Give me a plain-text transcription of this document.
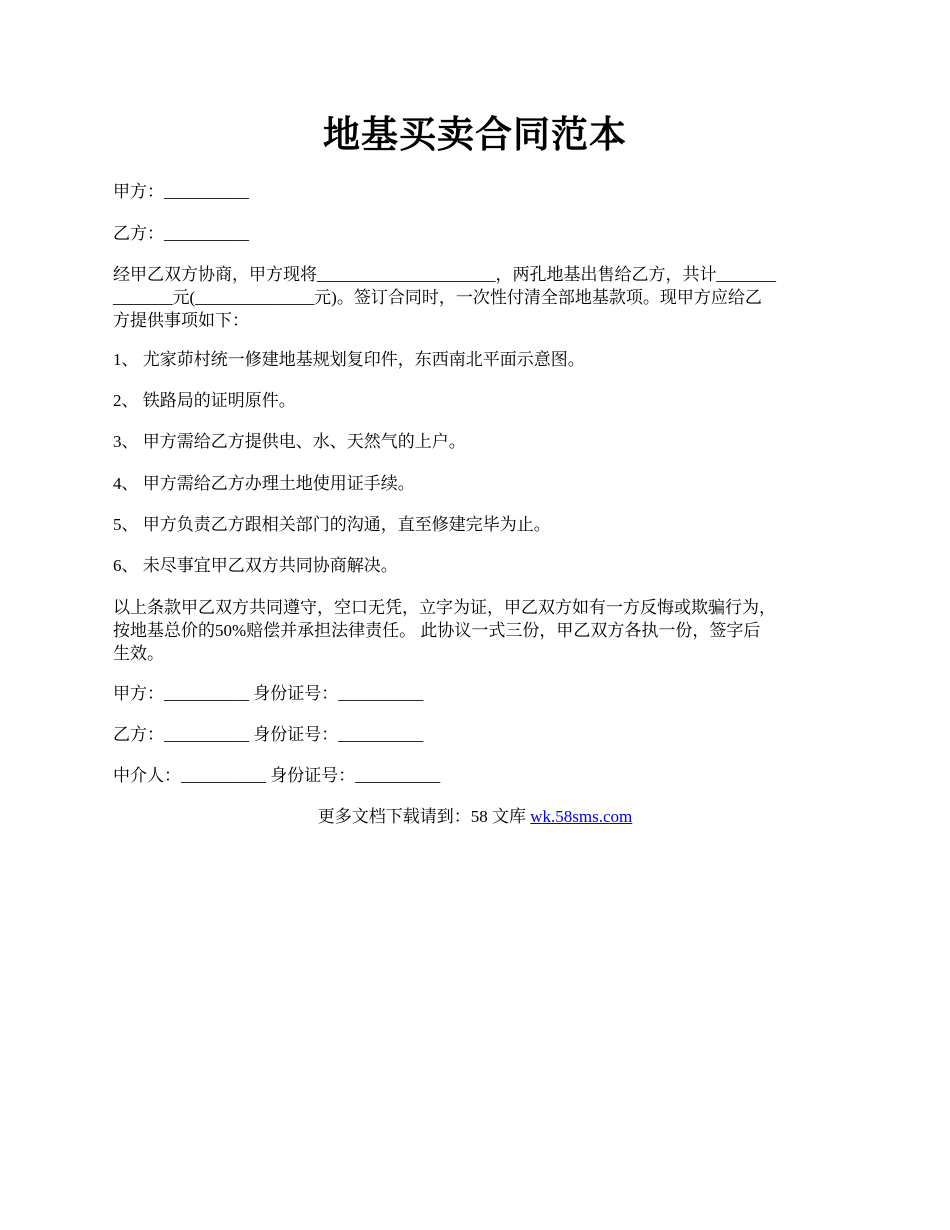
地基买卖合同范本
甲方：__________
乙方：__________
经甲乙双方协商，甲方现将_____________________，两孔地基出售给乙方，共计_______
_______元(______________元)。签订合同时，一次性付清全部地基款项。现甲方应给乙
方提供事项如下：
1、 尤家茆村统一修建地基规划复印件，东西南北平面示意图。
2、 铁路局的证明原件。
3、 甲方需给乙方提供电、水、天然气的上户。
4、 甲方需给乙方办理土地使用证手续。
5、 甲方负责乙方跟相关部门的沟通，直至修建完毕为止。
6、 未尽事宜甲乙双方共同协商解决。
以上条款甲乙双方共同遵守，空口无凭，立字为证，甲乙双方如有一方反悔或欺骗行为，
按地基总价的50%赔偿并承担法律责任。 此协议一式三份，甲乙双方各执一份，签字后
生效。
甲方：__________ 身份证号：__________
乙方：__________ 身份证号：__________
中介人：__________ 身份证号：__________
更多文档下载请到：58 文库 wk.58sms.com
